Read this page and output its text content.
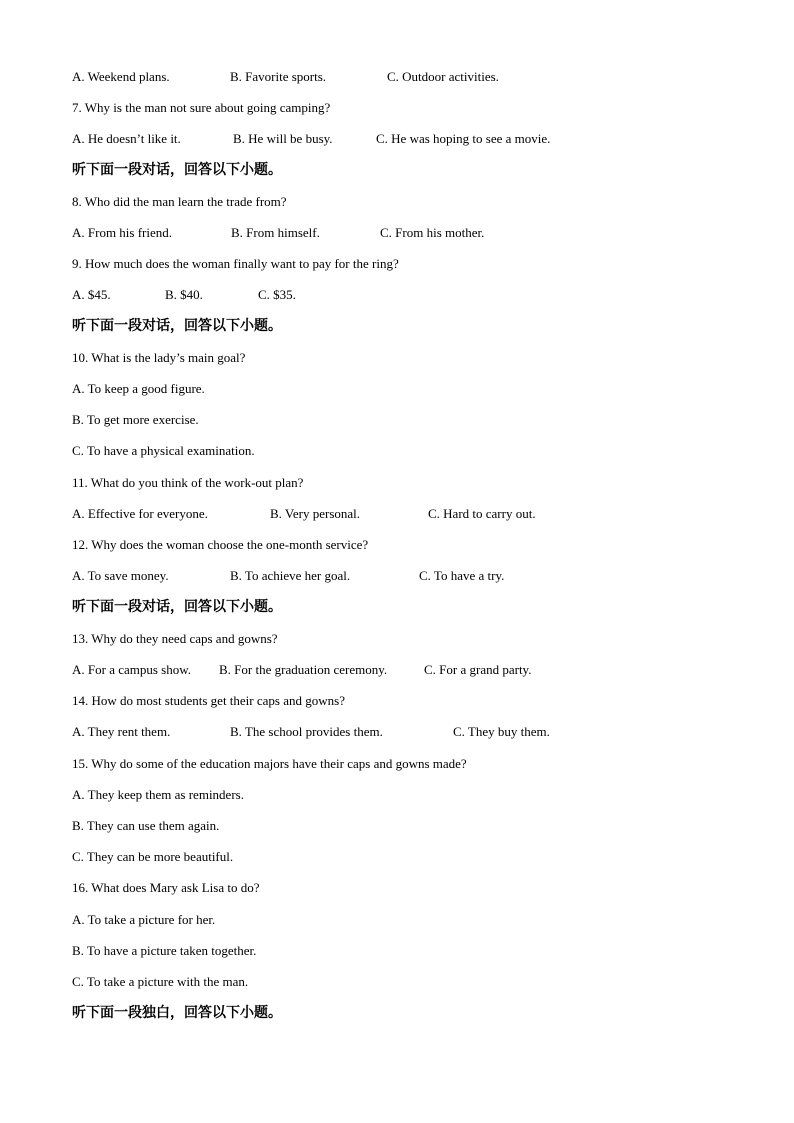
A. Weekend plans.	B. Favorite sports.	C. Outdoor activities.
7. Why is the man not sure about going camping?
A. He doesn’t like it.	B. He will be busy.	C. He was hoping to see a movie.
听下面一段对话，回答以下小题。
8. Who did the man learn the trade from?
A. From his friend.	B. From himself.	C. From his mother.
9. How much does the woman finally want to pay for the ring?
A. $45.	B. $40.	C. $35.
听下面一段对话，回答以下小题。
10. What is the lady’s main goal?
A. To keep a good figure.
B. To get more exercise.
C. To have a physical examination.
11. What do you think of the work-out plan?
A. Effective for everyone.	B. Very personal.	C. Hard to carry out.
12. Why does the woman choose the one-month service?
A. To save money.	B. To achieve her goal.	C. To have a try.
听下面一段对话，回答以下小题。
13. Why do they need caps and gowns?
A. For a campus show. B. For the graduation ceremony.	C. For a grand party.
14. How do most students get their caps and gowns?
A. They rent them.	B. The school provides them.	C. They buy them.
15. Why do some of the education majors have their caps and gowns made?
A. They keep them as reminders.
B. They can use them again.
C. They can be more beautiful.
16. What does Mary ask Lisa to do?
A. To take a picture for her.
B. To have a picture taken together.
C. To take a picture with the man.
听下面一段独白，回答以下小题。
